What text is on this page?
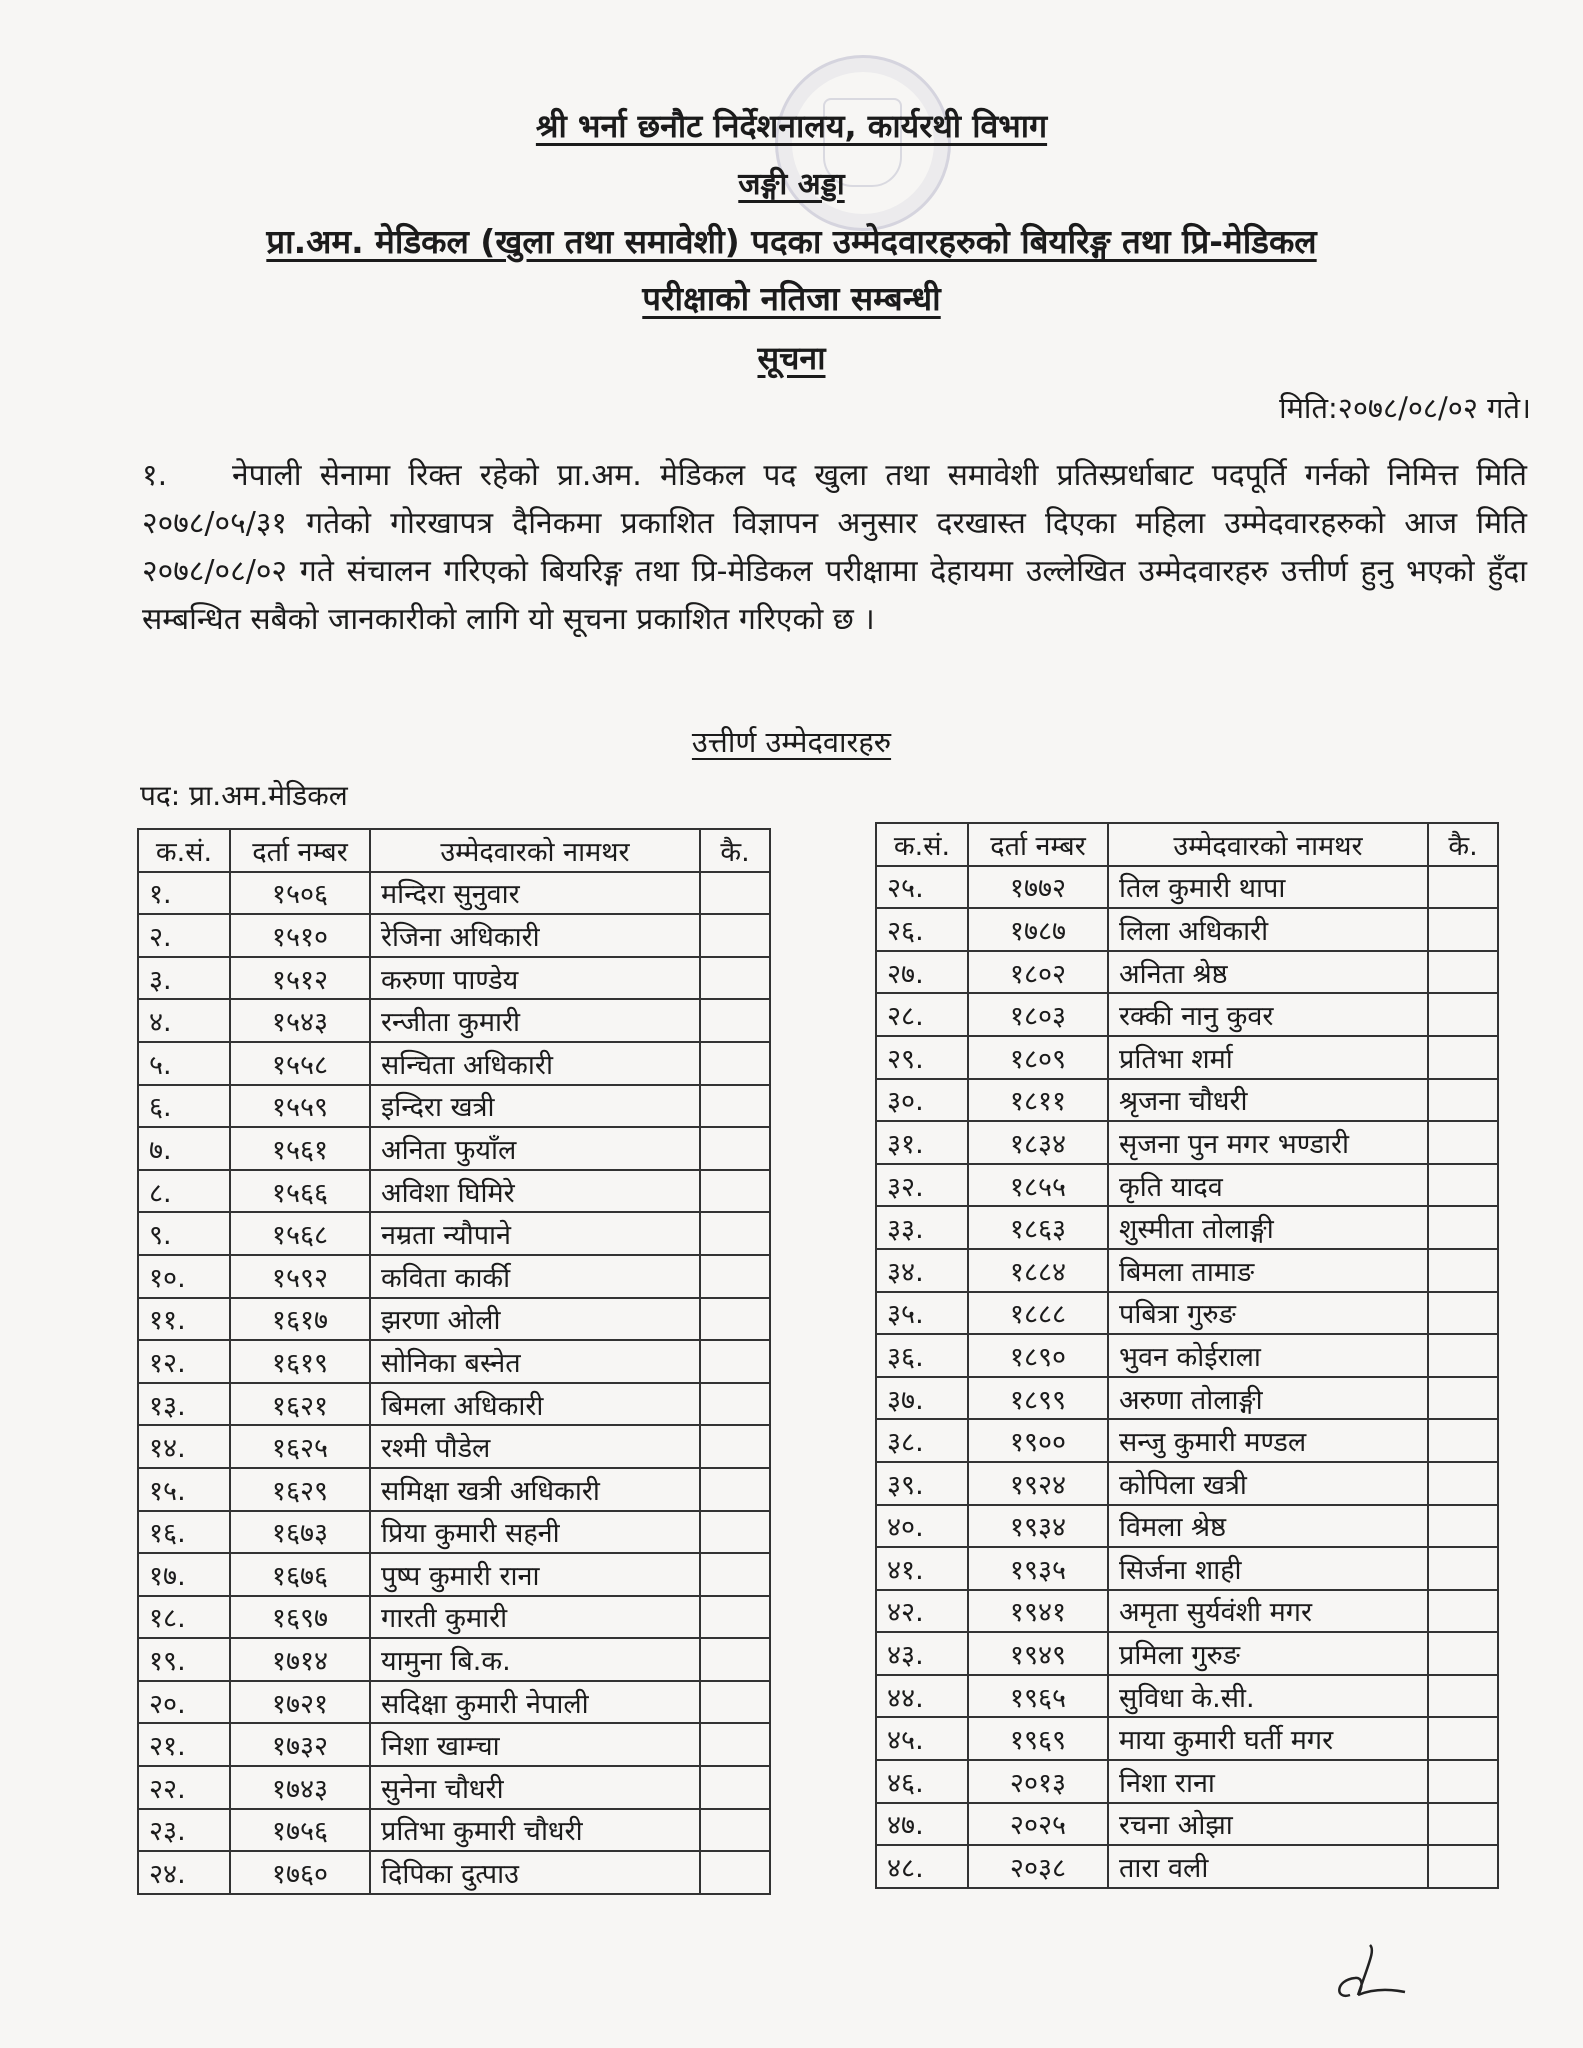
श्री भर्ना छनौट निर्देशनालय, कार्यरथी विभाग
जङ्गी अड्डा
प्रा.अम. मेडिकल (खुला तथा समावेशी) पदका उम्मेदवारहरुको बियरिङ्ग तथा प्रि-मेडिकल
परीक्षाको नतिजा सम्बन्धी
सूचना
मिति:२०७८/०८/०२ गते।
१. नेपाली सेनामा रिक्त रहेको प्रा.अम. मेडिकल पद खुला तथा समावेशी प्रतिस्प्रर्धाबाट पदपूर्ति गर्नको निमित्त मिति २०७८/०५/३१ गतेको गोरखापत्र दैनिकमा प्रकाशित विज्ञापन अनुसार दरखास्त दिएका महिला उम्मेदवारहरुको आज मिति २०७८/०८/०२ गते संचालन गरिएको बियरिङ्ग तथा प्रि-मेडिकल परीक्षामा देहायमा उल्लेखित उम्मेदवारहरु उत्तीर्ण हुनु भएको हुँदा सम्बन्धित सबैको जानकारीको लागि यो सूचना प्रकाशित गरिएको छ ।
उत्तीर्ण उम्मेदवारहरु
पद: प्रा.अम.मेडिकल
क.सं.	दर्ता नम्बर	उम्मेदवारको नामथर	कै.
१.	१५०६	मन्दिरा सुनुवार	
२.	१५१०	रेजिना अधिकारी	
३.	१५१२	करुणा पाण्डेय	
४.	१५४३	रन्जीता कुमारी	
५.	१५५८	सन्चिता अधिकारी	
६.	१५५९	इन्दिरा खत्री	
७.	१५६१	अनिता फुयाँल	
८.	१५६६	अविशा घिमिरे	
९.	१५६८	नम्रता न्यौपाने	
१०.	१५९२	कविता कार्की	
११.	१६१७	झरणा ओली	
१२.	१६१९	सोनिका बस्नेत	
१३.	१६२१	बिमला अधिकारी	
१४.	१६२५	रश्मी पौडेल	
१५.	१६२९	समिक्षा खत्री अधिकारी	
१६.	१६७३	प्रिया कुमारी सहनी	
१७.	१६७६	पुष्प कुमारी राना	
१८.	१६९७	गारती कुमारी	
१९.	१७१४	यामुना बि.क.	
२०.	१७२१	सदिक्षा कुमारी नेपाली	
२१.	१७३२	निशा खाम्चा	
२२.	१७४३	सुनेना चौधरी	
२३.	१७५६	प्रतिभा कुमारी चौधरी	
२४.	१७६०	दिपिका दुत्पाउ	
क.सं.	दर्ता नम्बर	उम्मेदवारको नामथर	कै.
२५.	१७७२	तिल कुमारी थापा	
२६.	१७८७	लिला अधिकारी	
२७.	१८०२	अनिता श्रेष्ठ	
२८.	१८०३	रक्की नानु कुवर	
२९.	१८०९	प्रतिभा शर्मा	
३०.	१८११	श्रृजना चौधरी	
३१.	१८३४	सृजना पुन मगर भण्डारी	
३२.	१८५५	कृति यादव	
३३.	१८६३	शुस्मीता तोलाङ्गी	
३४.	१८८४	बिमला तामाङ	
३५.	१८८८	पबित्रा गुरुङ	
३६.	१८९०	भुवन कोईराला	
३७.	१८९९	अरुणा तोलाङ्गी	
३८.	१९००	सन्जु कुमारी मण्डल	
३९.	१९२४	कोपिला खत्री	
४०.	१९३४	विमला श्रेष्ठ	
४१.	१९३५	सिर्जना शाही	
४२.	१९४१	अमृता सुर्यवंशी मगर	
४३.	१९४९	प्रमिला गुरुङ	
४४.	१९६५	सुविधा के.सी.	
४५.	१९६९	माया कुमारी घर्ती मगर	
४६.	२०१३	निशा राना	
४७.	२०२५	रचना ओझा	
४८.	२०३८	तारा वली	
